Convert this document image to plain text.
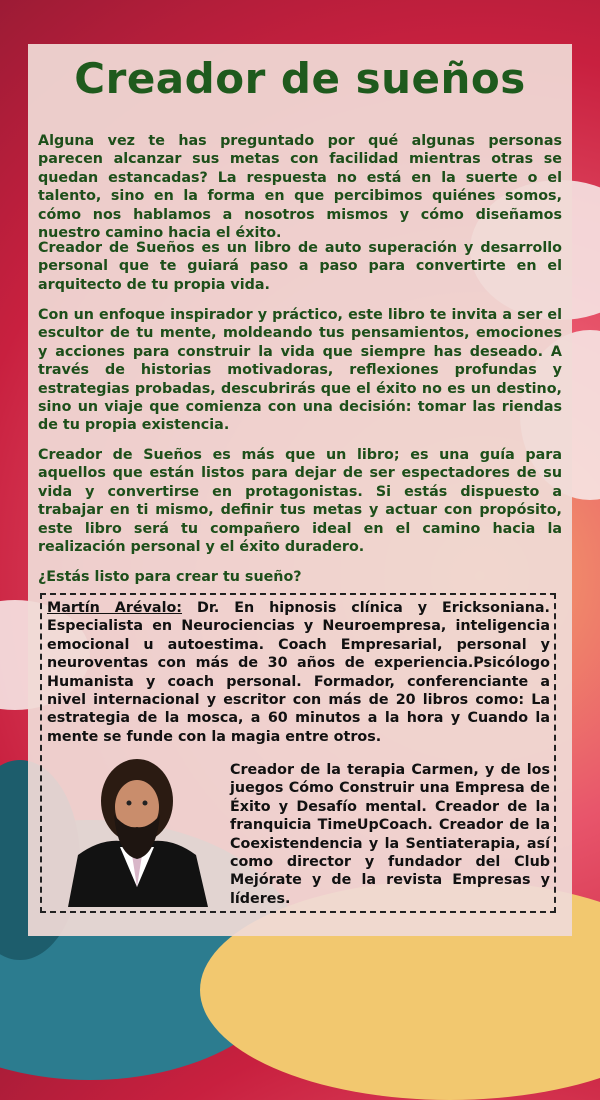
Creador de sueños

Alguna vez te has preguntado por qué algunas personas parecen alcanzar sus metas con facilidad mientras otras se quedan estancadas? La respuesta no está en la suerte o el talento, sino en la forma en que percibimos quiénes somos, cómo nos hablamos a nosotros mismos y cómo diseñamos nuestro camino hacia el éxito.

Creador de Sueños es un libro de auto superación y desarrollo personal que te guiará paso a paso para convertirte en el arquitecto de tu propia vida.

Con un enfoque inspirador y práctico, este libro te invita a ser el escultor de tu mente, moldeando tus pensamientos, emociones y acciones para construir la vida que siempre has deseado. A través de historias motivadoras, reflexiones profundas y estrategias probadas, descubrirás que el éxito no es un destino, sino un viaje que comienza con una decisión: tomar las riendas de tu propia existencia.

Creador de Sueños es más que un libro; es una guía para aquellos que están listos para dejar de ser espectadores de su vida y convertirse en protagonistas. Si estás dispuesto a trabajar en ti mismo, definir tus metas y actuar con propósito, este libro será tu compañero ideal en el camino hacia la realización personal y el éxito duradero.

¿Estás listo para crear tu sueño?

Martín Arévalo: Dr. En hipnosis clínica y Ericksoniana. Especialista en Neurociencias y Neuroempresa, inteligencia emocional u autoestima. Coach Empresarial, personal y neuroventas con más de 30 años de experiencia.Psicólogo Humanista y coach personal. Formador, conferenciante a nivel internacional y escritor con más de 20 libros como: La estrategia de la mosca, a 60 minutos a la hora y Cuando la mente se funde con la magia entre otros.

Creador de la terapia Carmen, y de los juegos Cómo Construir una Empresa de Éxito y Desafío mental. Creador de la franquicia TimeUpCoach. Creador de la Coexistendencia y la Sentiaterapia, así como director y fundador del Club Mejórate y de la revista Empresas y líderes.
